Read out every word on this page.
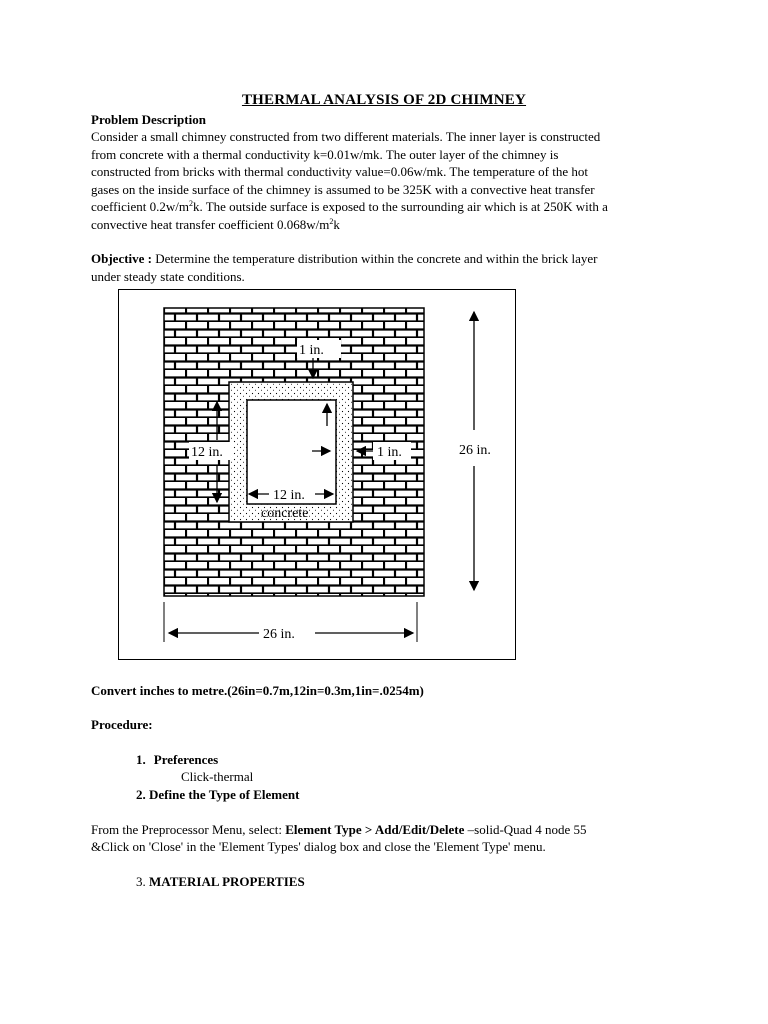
THERMAL ANALYSIS OF 2D CHIMNEY
Problem Description
Consider a small chimney constructed from two different materials. The inner layer is constructed
from concrete with a thermal conductivity k=0.01w/mk. The outer layer of the chimney is
constructed from bricks with thermal conductivity value=0.06w/mk. The temperature of the hot
gases on the inside surface of the chimney is assumed to be 325K with a convective heat transfer
coefficient $0.2w/m^2k$. The outside surface is exposed to the surrounding air which is at 250K with a
convective heat transfer coefficient $0.068w/m^2k$
Objective : Determine the temperature distribution within the concrete and within the brick layer
under steady state conditions.
1 in.
12 in.	1 in.	26 in.
12 in.
concrete
26 in.
Convert inches to metre.(26in=0.7m,12in=0.3m,1in=.0254m)
Procedure:
1. Preferences
Click-thermal
2. Define the Type of Element
From the Preprocessor Menu, select: Element Type > Add/Edit/Delete –solid-Quad 4 node 55
&Click on 'Close' in the 'Element Types' dialog box and close the 'Element Type' menu.
3. MATERIAL PROPERTIES
